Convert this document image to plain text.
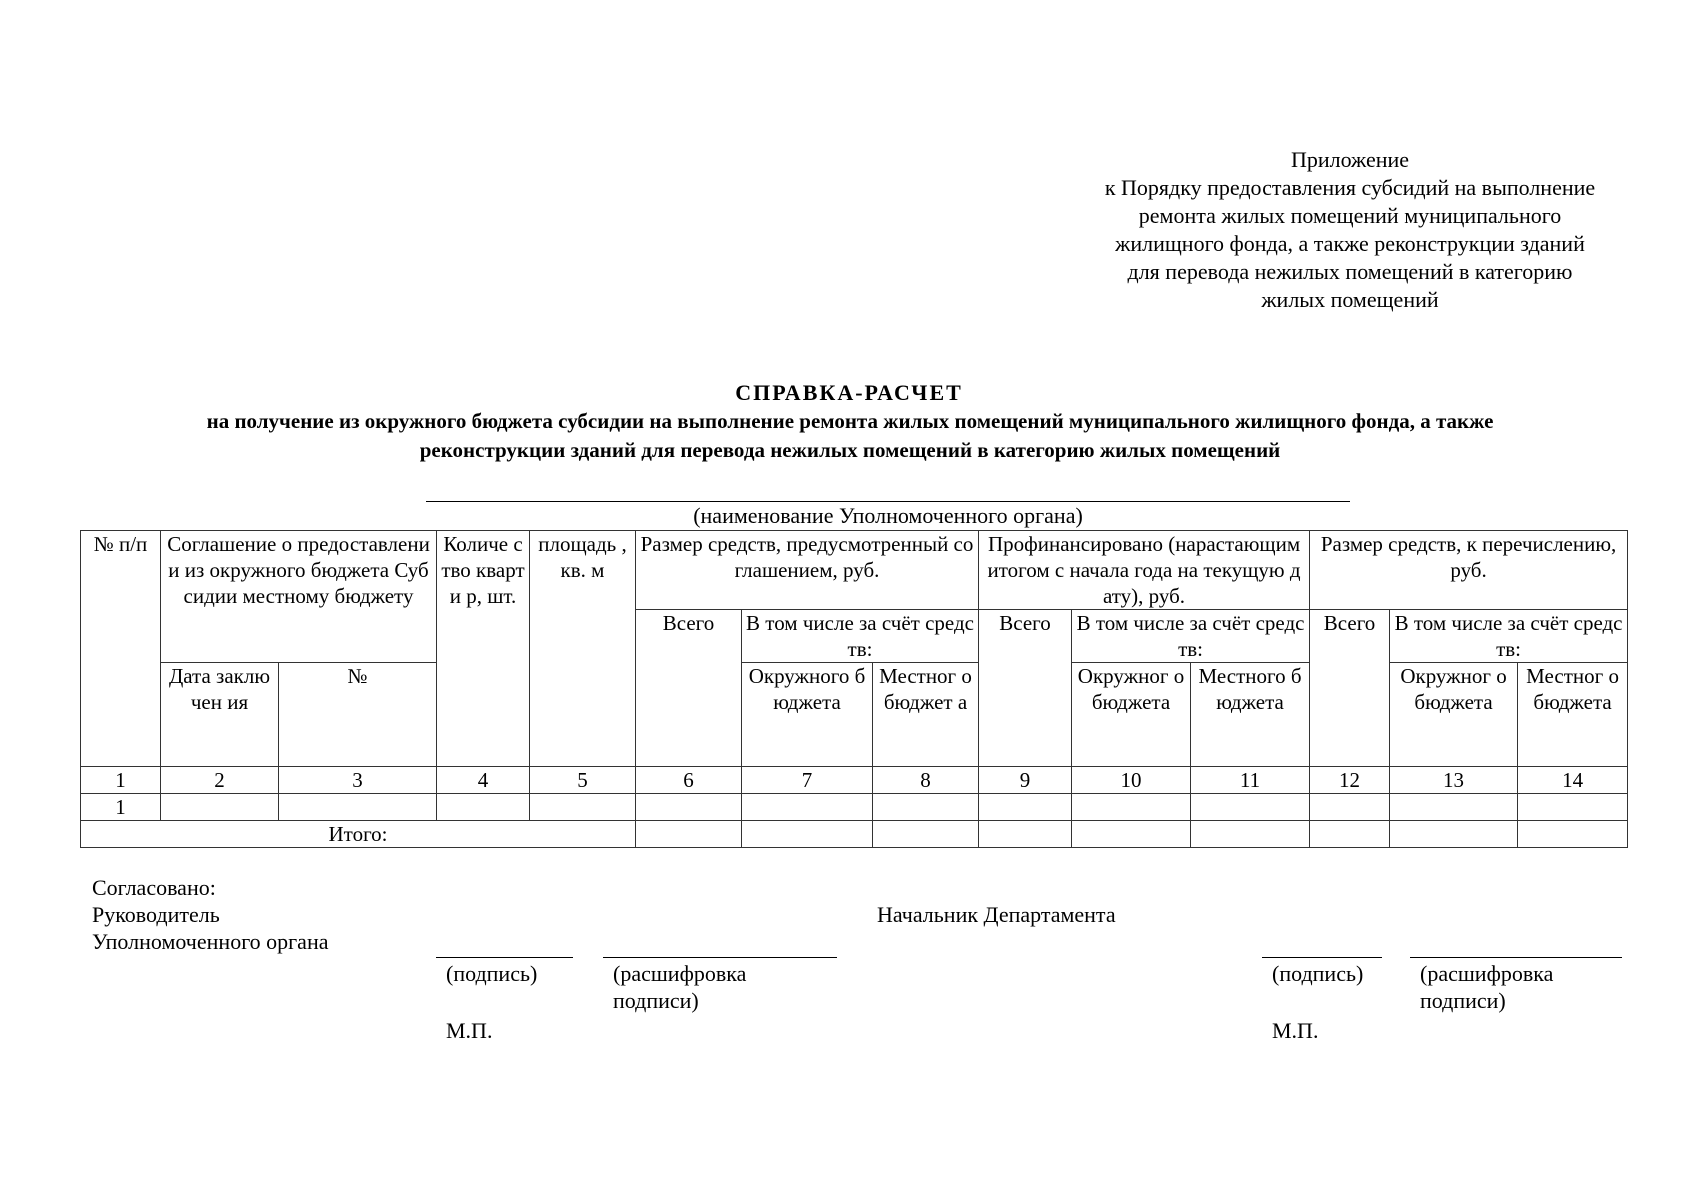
Приложение
к Порядку предоставления субсидий на выполнение
ремонта жилых помещений муниципального
жилищного фонда, а также реконструкции зданий
для перевода нежилых помещений в категорию
жилых помещений
СПРАВКА-РАСЧЕТ
на получение из окружного бюджета субсидии на выполнение ремонта жилых помещений муниципального жилищного фонда, а также
реконструкции зданий для перевода нежилых помещений в категорию жилых помещений
(наименование Уполномоченного органа)
№ п/п	Соглашение о предоставлении из окружного бюджета Субсидии местному бюджету		Количе ство кварти р, шт.	площадь , кв. м	Размер средств, предусмотренный соглашением, руб.			Профинансировано (нарастающим итогом с начала года на текущую дату), руб.			Размер средств, к перечислению, руб.		
					Всего	В том числе за счёт средств:		Всего	В том числе за счёт средств:		Всего	В том числе за счёт средств:	
	Дата заключен ия	№				Окружного бюджета	Местног о бюджет а		Окружног о бюджета	Местного бюджета		Окружног о бюджета	Местног о бюджета
1	2	3	4	5	6	7	8	9	10	11	12	13	14
1													
Итого:													
Согласовано:
Руководитель
Уполномоченного органа
Начальник Департамента
(подпись)	(расшифровка
подписи)
М.П.
(подпись)	(расшифровка
подписи)
М.П.
